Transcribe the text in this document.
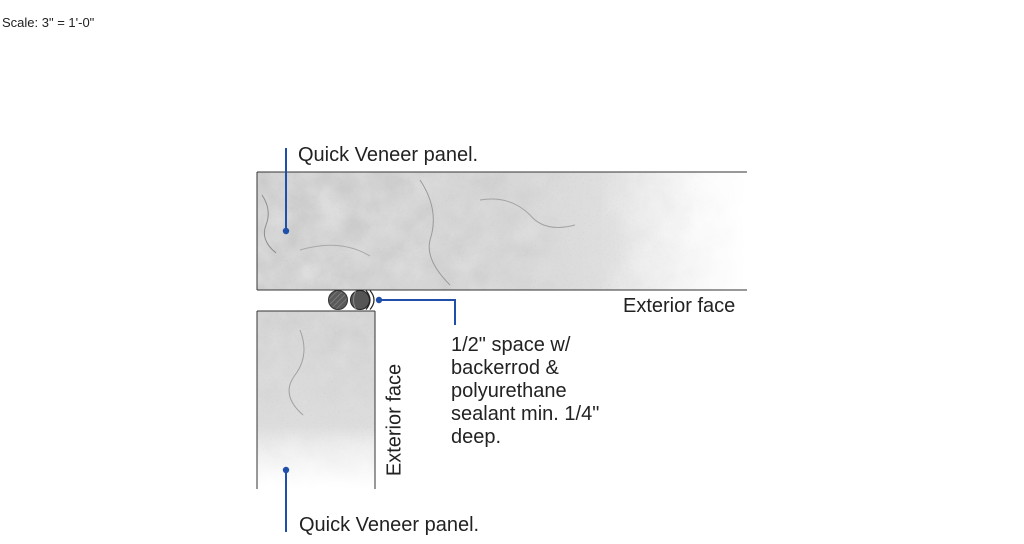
Scale: 3" = 1'-0"
Quick Veneer panel.
Exterior face
Exterior face
Quick Veneer panel.
1/2" space w/
backerrod &
polyurethane
sealant min. 1/4"
deep.
